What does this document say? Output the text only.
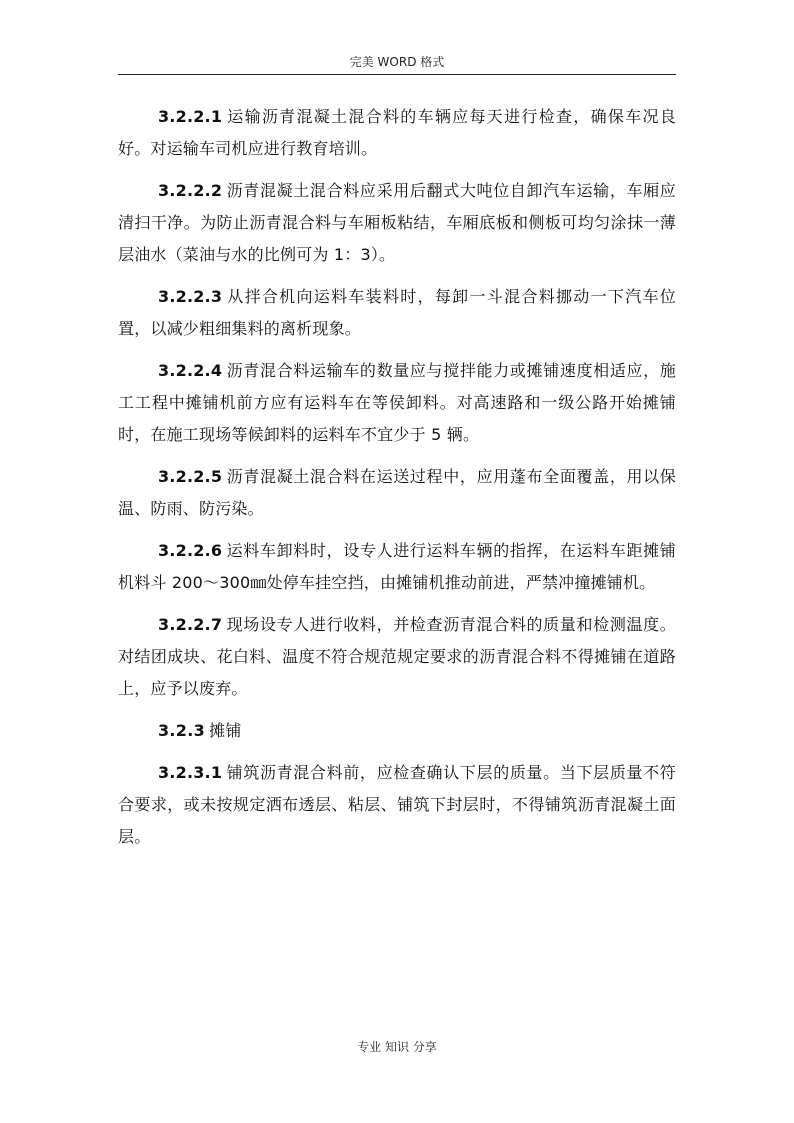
完美 WORD 格式

3.2.2.1 运输沥青混凝土混合料的车辆应每天进行检查，确保车况良好。对运输车司机应进行教育培训。

3.2.2.2 沥青混凝土混合料应采用后翻式大吨位自卸汽车运输，车厢应清扫干净。为防止沥青混合料与车厢板粘结，车厢底板和侧板可均匀涂抹一薄层油水（菜油与水的比例可为 1：3）。

3.2.2.3 从拌合机向运料车装料时，每卸一斗混合料挪动一下汽车位置，以减少粗细集料的离析现象。

3.2.2.4 沥青混合料运输车的数量应与搅拌能力或摊铺速度相适应，施工工程中摊铺机前方应有运料车在等侯卸料。对高速路和一级公路开始摊铺时，在施工现场等候卸料的运料车不宜少于 5 辆。

3.2.2.5 沥青混凝土混合料在运送过程中，应用蓬布全面覆盖，用以保温、防雨、防污染。

3.2.2.6 运料车卸料时，设专人进行运料车辆的指挥，在运料车距摊铺机料斗 200～300㎜处停车挂空挡，由摊铺机推动前进，严禁冲撞摊铺机。

3.2.2.7 现场设专人进行收料，并检查沥青混合料的质量和检测温度。对结团成块、花白料、温度不符合规范规定要求的沥青混合料不得摊铺在道路上，应予以废弃。

3.2.3 摊铺

3.2.3.1 铺筑沥青混合料前，应检查确认下层的质量。当下层质量不符合要求，或未按规定洒布透层、粘层、铺筑下封层时，不得铺筑沥青混凝土面层。

专业 知识 分享
